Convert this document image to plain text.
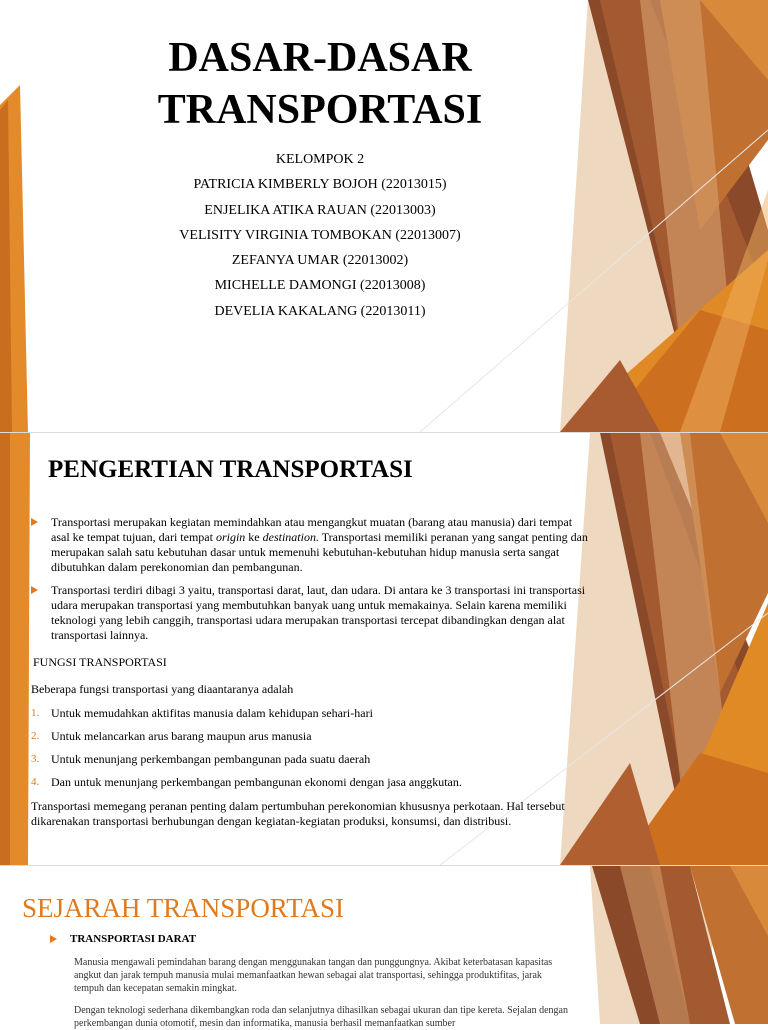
DASAR-DASAR TRANSPORTASI
KELOMPOK 2
PATRICIA KIMBERLY BOJOH (22013015)
ENJELIKA ATIKA RAUAN (22013003)
VELISITY VIRGINIA TOMBOKAN (22013007)
ZEFANYA UMAR (22013002)
MICHELLE DAMONGI (22013008)
DEVELIA KAKALANG (22013011)
PENGERTIAN TRANSPORTASI

Transportasi merupakan kegiatan memindahkan atau mengangkut muatan (barang atau manusia) dari tempat asal ke tempat tujuan, dari tempat origin ke destination. Transportasi memiliki peranan yang sangat penting dan merupakan salah satu kebutuhan dasar untuk memenuhi kebutuhan-kebutuhan hidup manusia serta sangat dibutuhkan dalam perekonomian dan pembangunan.

Transportasi terdiri dibagi 3 yaitu, transportasi darat, laut, dan udara. Di antara ke 3 transportasi ini transportasi udara merupakan transportasi yang membutuhkan banyak uang untuk memakainya. Selain karena memiliki teknologi yang lebih canggih, transportasi udara merupakan transportasi tercepat dibandingkan dengan alat transportasi lainnya.

FUNGSI TRANSPORTASI

Beberapa fungsi transportasi yang diaantaranya adalah

1. Untuk memudahkan aktifitas manusia dalam kehidupan sehari-hari
2. Untuk melancarkan arus barang maupun arus manusia
3. Untuk menunjang perkembangan pembangunan pada suatu daerah
4. Dan untuk menunjang perkembangan pembangunan ekonomi dengan jasa anggkutan.

Transportasi memegang peranan penting dalam pertumbuhan perekonomian khususnya perkotaan. Hal tersebut dikarenakan transportasi berhubungan dengan kegiatan-kegiatan produksi, konsumsi, dan distribusi.

SEJARAH TRANSPORTASI
TRANSPORTASI DARAT

Manusia mengawali pemindahan barang dengan menggunakan tangan dan punggungnya. Akibat keterbatasan kapasitas angkut dan jarak tempuh manusia mulai memanfaatkan hewan sebagai alat transportasi, sehingga produktifitas, jarak tempuh dan kecepatan semakin mingkat.

Dengan teknologi sederhana dikembangkan roda dan selanjutnya dihasilkan sebagai ukuran dan tipe kereta. Sejalan dengan perkembangan dunia otomotif, mesin dan informatika, manusia berhasil memanfaatkan sumber
